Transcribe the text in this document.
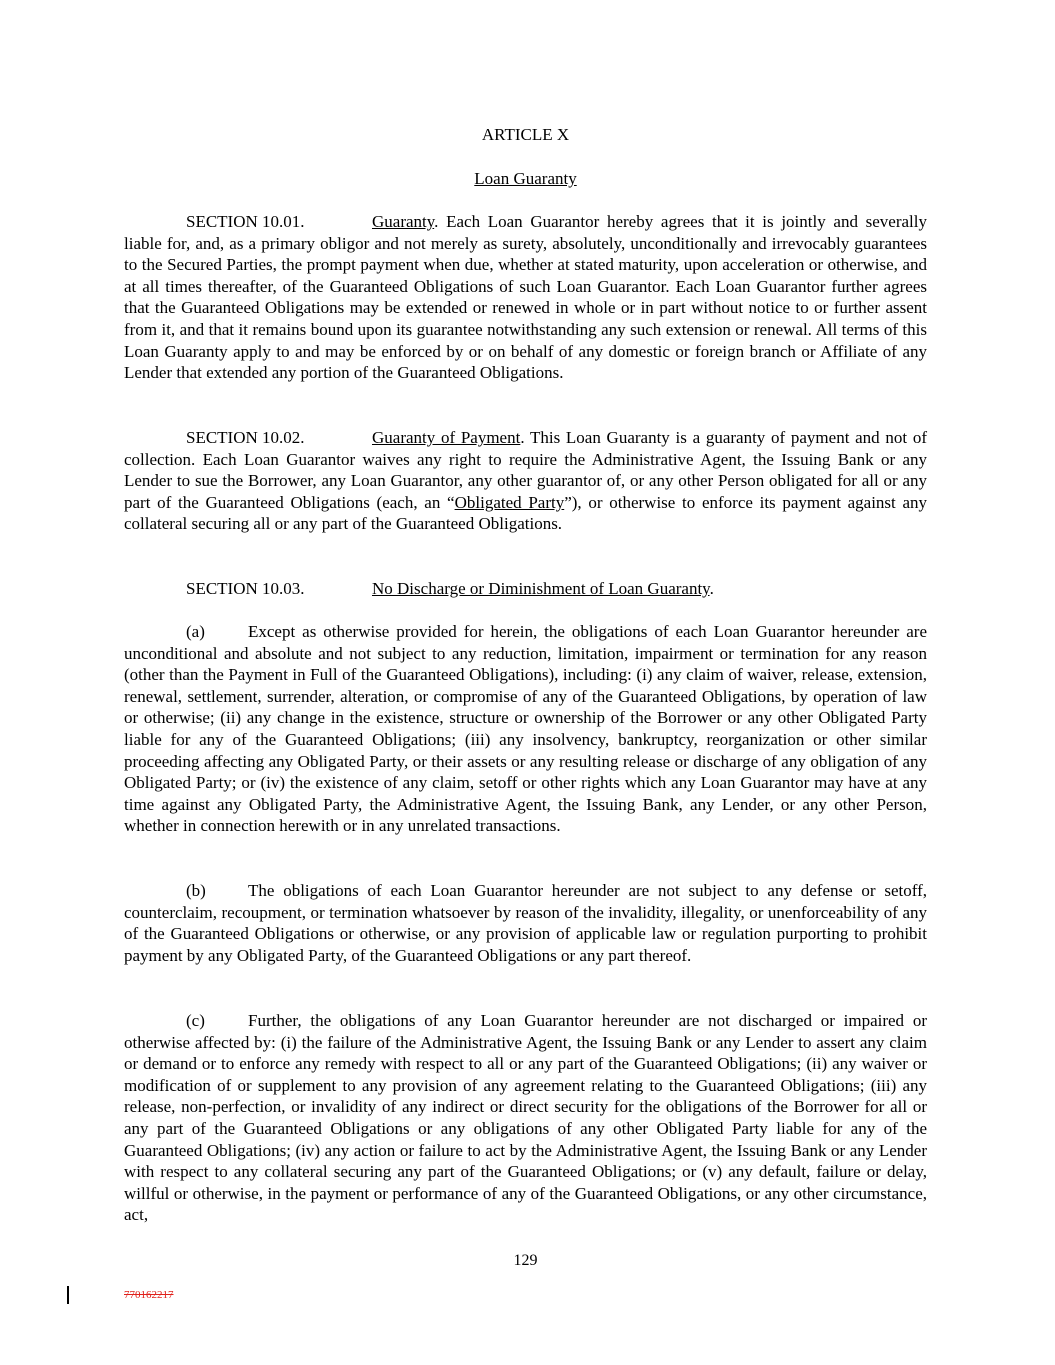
ARTICLE X
Loan Guaranty

SECTION 10.01.	Guaranty. Each Loan Guarantor hereby agrees that it is jointly and severally liable for, and, as a primary obligor and not merely as surety, absolutely, unconditionally and irrevocably guarantees to the Secured Parties, the prompt payment when due, whether at stated maturity, upon acceleration or otherwise, and at all times thereafter, of the Guaranteed Obligations of such Loan Guarantor. Each Loan Guarantor further agrees that the Guaranteed Obligations may be extended or renewed in whole or in part without notice to or further assent from it, and that it remains bound upon its guarantee notwithstanding any such extension or renewal. All terms of this Loan Guaranty apply to and may be enforced by or on behalf of any domestic or foreign branch or Affiliate of any Lender that extended any portion of the Guaranteed Obligations.

SECTION 10.02.	Guaranty of Payment. This Loan Guaranty is a guaranty of payment and not of collection. Each Loan Guarantor waives any right to require the Administrative Agent, the Issuing Bank or any Lender to sue the Borrower, any Loan Guarantor, any other guarantor of, or any other Person obligated for all or any part of the Guaranteed Obligations (each, an “Obligated Party”), or otherwise to enforce its payment against any collateral securing all or any part of the Guaranteed Obligations.

SECTION 10.03.	No Discharge or Diminishment of Loan Guaranty.

(a)	Except as otherwise provided for herein, the obligations of each Loan Guarantor hereunder are unconditional and absolute and not subject to any reduction, limitation, impairment or termination for any reason (other than the Payment in Full of the Guaranteed Obligations), including: (i) any claim of waiver, release, extension, renewal, settlement, surrender, alteration, or compromise of any of the Guaranteed Obligations, by operation of law or otherwise; (ii) any change in the existence, structure or ownership of the Borrower or any other Obligated Party liable for any of the Guaranteed Obligations; (iii) any insolvency, bankruptcy, reorganization or other similar proceeding affecting any Obligated Party, or their assets or any resulting release or discharge of any obligation of any Obligated Party; or (iv) the existence of any claim, setoff or other rights which any Loan Guarantor may have at any time against any Obligated Party, the Administrative Agent, the Issuing Bank, any Lender, or any other Person, whether in connection herewith or in any unrelated transactions.

(b) The obligations of each Loan Guarantor hereunder are not subject to any defense or setoff, counterclaim, recoupment, or termination whatsoever by reason of the invalidity, illegality, or unenforceability of any of the Guaranteed Obligations or otherwise, or any provision of applicable law or regulation purporting to prohibit payment by any Obligated Party, of the Guaranteed Obligations or any part thereof.

(c)	Further, the obligations of any Loan Guarantor hereunder are not discharged or impaired or otherwise affected by: (i) the failure of the Administrative Agent, the Issuing Bank or any Lender to assert any claim or demand or to enforce any remedy with respect to all or any part of the Guaranteed Obligations; (ii) any waiver or modification of or supplement to any provision of any agreement relating to the Guaranteed Obligations; (iii) any release, non-perfection, or invalidity of any indirect or direct security for the obligations of the Borrower for all or any part of the Guaranteed Obligations or any obligations of any other Obligated Party liable for any of the Guaranteed Obligations; (iv) any action or failure to act by the Administrative Agent, the Issuing Bank or any Lender with respect to any collateral securing any part of the Guaranteed Obligations; or (v) any default, failure or delay, willful or otherwise, in the payment or performance of any of the Guaranteed Obligations, or any other circumstance, act,

129
770162217
